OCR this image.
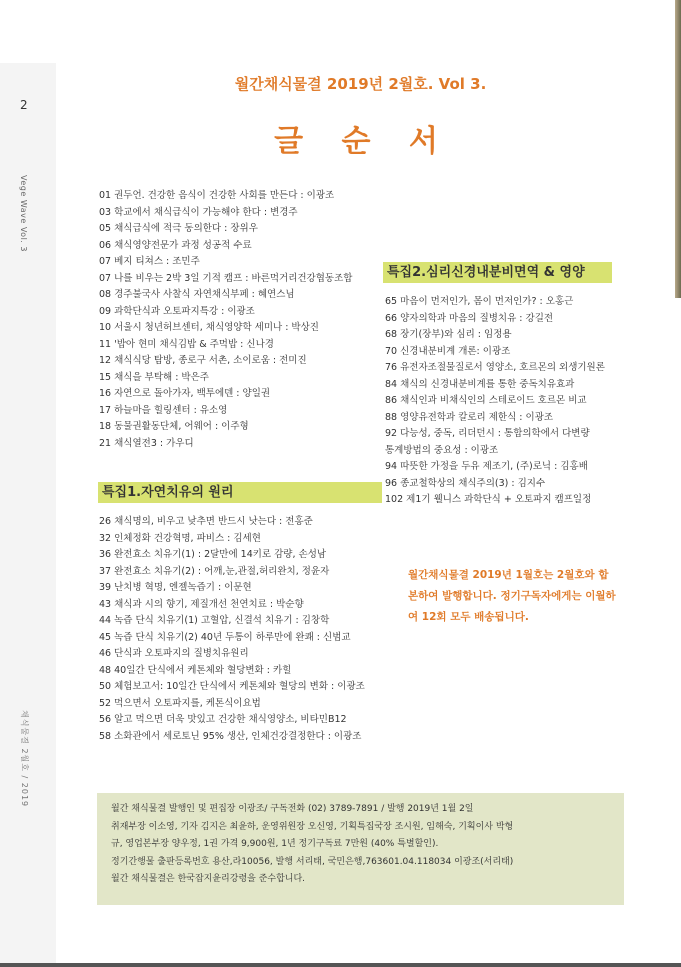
2
Vege Wave Vol. 3
채식물결 2월호 / 2019
월간채식물결 2019년 2월호. Vol 3.
글 순 서
01 권두언. 건강한 음식이 건강한 사회를 만든다 : 이광조
03 학교에서 채식급식이 가능해야 한다 : 변경주
05 채식급식에 적극 동의한다 : 장위우
06 채식영양전문가 과정 성공적 수료
07 베지 티쳐스 : 조민주
07 나를 비우는 2박 3일 기적 캠프 : 바른먹거리건강협동조합
08 경주불국사 사찰식 자연채식부페 : 혜연스님
09 과학단식과 오토파지특강 : 이광조
10 서울시 청년허브센터, 채식영양학 세미나 : 박상진
11 '밥아 현미 채식김밥 & 주먹밥 : 신나경
12 채식식당 탐방, 종로구 서촌, 소이로움 : 전미진
15 채식을 부탁해 : 박은주
16 자연으로 돌아가자, 백투에덴 : 양일권
17 하늘마을 힐링센터 : 유소영
18 동물권활동단체, 어웨어 : 이주형
21 채식열전3 : 가우디
특집1.자연치유의 원리
26 채식명의, 비우고 낮추면 반드시 낫는다 : 전홍준
32 인체정화 건강혁명, 파비스 : 김세현
36 완전효소 치유기(1) : 2달만에 14키로 감량, 손성남
37 완전효소 치유기(2) : 어깨,눈,관절,허리완치, 정윤자
39 난치병 혁명, 엔젤녹즙기 : 이문현
43 채식과 시의 향기, 제질개선 천연치료 : 박순향
44 녹즙 단식 치유기(1) 고혈압, 신결석 치유기 : 김창학
45 녹즙 단식 치유기(2) 40년 두통이 하루만에 완쾌 : 신범교
46 단식과 오토파지의 질병치유원리
48 40일간 단식에서 케톤체와 혈당변화 : 카힐
50 체험보고서: 10일간 단식에서 케톤체와 혈당의 변화 : 이광조
52 먹으면서 오토파지를, 케톤식이요법
56 알고 먹으면 더욱 맛있고 건강한 채식영양소, 비타민B12
58 소화관에서 세로토닌 95% 생산, 인체건강결정한다 : 이광조
특집2.심리신경내분비면역 & 영양
65 마음이 먼저인가, 몸이 먼저인가? : 오홍근
66 양자의학과 마음의 질병치유 : 강길전
68 장기(장부)와 심리 : 임정용
70 신경내분비계 개론: 이광조
76 유전자조절물질로서 영양소, 호르몬의 외생기원론
84 채식의 신경내분비계를 통한 중독치유효과
86 채식인과 비채식인의 스테로이드 호르몬 비교
88 영양유전학과 칼로리 제한식 : 이광조
92 다능성, 중독, 리더던시 : 통합의학에서 다변량
통계방법의 중요성 : 이광조
94 따뜻한 가정을 두유 제조기, (주)로닉 : 김홍배
96 종교철학상의 채식주의(3) : 김지수
102 제1기 웰니스 과학단식 + 오토파지 캠프일정
월간채식물결 2019년 1월호는 2월호와 합본하여 발행합니다. 정기구독자에게는 이월하여 12회 모두 배송됩니다.
월간 채식물결 발행인 및 편집장 이광조/ 구독전화 (02) 3789-7891 / 발행 2019년 1월 2일
취재부장 이소영, 기자 김지은 최윤하, 운영위원장 오신영, 기획특집국장 조시원, 임해숙, 기획이사 박형
규, 영업본부장 양우정, 1권 가격 9,900원, 1년 정기구독료 7만원 (40% 특별할인).
정기간행물 출판등록번호 용산,라10056, 발행 서리태, 국민은행,763601.04.118034 이광조(서리태)
월간 채식물결은 한국잡지윤리강령을 준수합니다.
